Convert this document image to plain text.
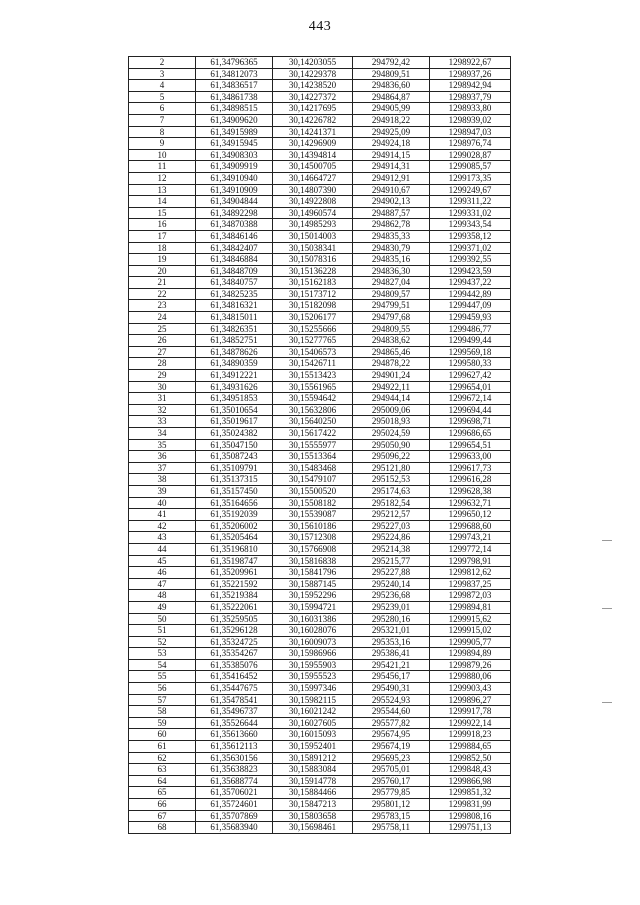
443
2	61,34796365	30,14203055	294792,42	1298922,67
3	61,34812073	30,14229378	294809,51	1298937,26
4	61,34836517	30,14238520	294836,60	1298942,94
5	61,34861738	30,14227372	294864,87	1298937,79
6	61,34898515	30,14217695	294905,99	1298933,80
7	61,34909620	30,14226782	294918,22	1298939,02
8	61,34915989	30,14241371	294925,09	1298947,03
9	61,34915945	30,14296909	294924,18	1298976,74
10	61,34908303	30,14394814	294914,15	1299028,87
11	61,34909919	30,14500705	294914,31	1299085,57
12	61,34910940	30,14664727	294912,91	1299173,35
13	61,34910909	30,14807390	294910,67	1299249,67
14	61,34904844	30,14922808	294902,13	1299311,22
15	61,34892298	30,14960574	294887,57	1299331,02
16	61,34870388	30,14985293	294862,78	1299343,54
17	61,34846146	30,15014003	294835,33	1299358,12
18	61,34842407	30,15038341	294830,79	1299371,02
19	61,34846884	30,15078316	294835,16	1299392,55
20	61,34848709	30,15136228	294836,30	1299423,59
21	61,34840757	30,15162183	294827,04	1299437,22
22	61,34825235	30,15173712	294809,57	1299442,89
23	61,34816321	30,15182098	294799,51	1299447,09
24	61,34815011	30,15206177	294797,68	1299459,93
25	61,34826351	30,15255666	294809,55	1299486,77
26	61,34852751	30,15277765	294838,62	1299499,44
27	61,34878626	30,15406573	294865,46	1299569,18
28	61,34890359	30,15426711	294878,22	1299580,33
29	61,34912221	30,15513423	294901,24	1299627,42
30	61,34931626	30,15561965	294922,11	1299654,01
31	61,34951853	30,15594642	294944,14	1299672,14
32	61,35010654	30,15632806	295009,06	1299694,44
33	61,35019617	30,15640250	295018,93	1299698,71
34	61,35024382	30,15617422	295024,59	1299686,65
35	61,35047150	30,15555977	295050,90	1299654,51
36	61,35087243	30,15513364	295096,22	1299633,00
37	61,35109791	30,15483468	295121,80	1299617,73
38	61,35137315	30,15479107	295152,53	1299616,28
39	61,35157450	30,15500520	295174,63	1299628,38
40	61,35164656	30,15508182	295182,54	1299632,71
41	61,35192039	30,15539087	295212,57	1299650,12
42	61,35206002	30,15610186	295227,03	1299688,60
43	61,35205464	30,15712308	295224,86	1299743,21
44	61,35196810	30,15766908	295214,38	1299772,14
45	61,35198747	30,15816838	295215,77	1299798,91
46	61,35209961	30,15841796	295227,88	1299812,62
47	61,35221592	30,15887145	295240,14	1299837,25
48	61,35219384	30,15952296	295236,68	1299872,03
49	61,35222061	30,15994721	295239,01	1299894,81
50	61,35259505	30,16031386	295280,16	1299915,62
51	61,35296128	30,16028076	295321,01	1299915,02
52	61,35324725	30,16009073	295353,16	1299905,77
53	61,35354267	30,15986966	295386,41	1299894,89
54	61,35385076	30,15955903	295421,21	1299879,26
55	61,35416452	30,15955523	295456,17	1299880,06
56	61,35447675	30,15997346	295490,31	1299903,43
57	61,35478541	30,15982115	295524,93	1299896,27
58	61,35496737	30,16021242	295544,60	1299917,78
59	61,35526644	30,16027605	295577,82	1299922,14
60	61,35613660	30,16015093	295674,95	1299918,23
61	61,35612113	30,15952401	295674,19	1299884,65
62	61,35630156	30,15891212	295695,23	1299852,50
63	61,35638823	30,15883084	295705,01	1299848,43
64	61,35688774	30,15914778	295760,17	1299866,98
65	61,35706021	30,15884466	295779,85	1299851,32
66	61,35724601	30,15847213	295801,12	1299831,99
67	61,35707869	30,15803658	295783,15	1299808,16
68	61,35683940	30,15698461	295758,11	1299751,13
